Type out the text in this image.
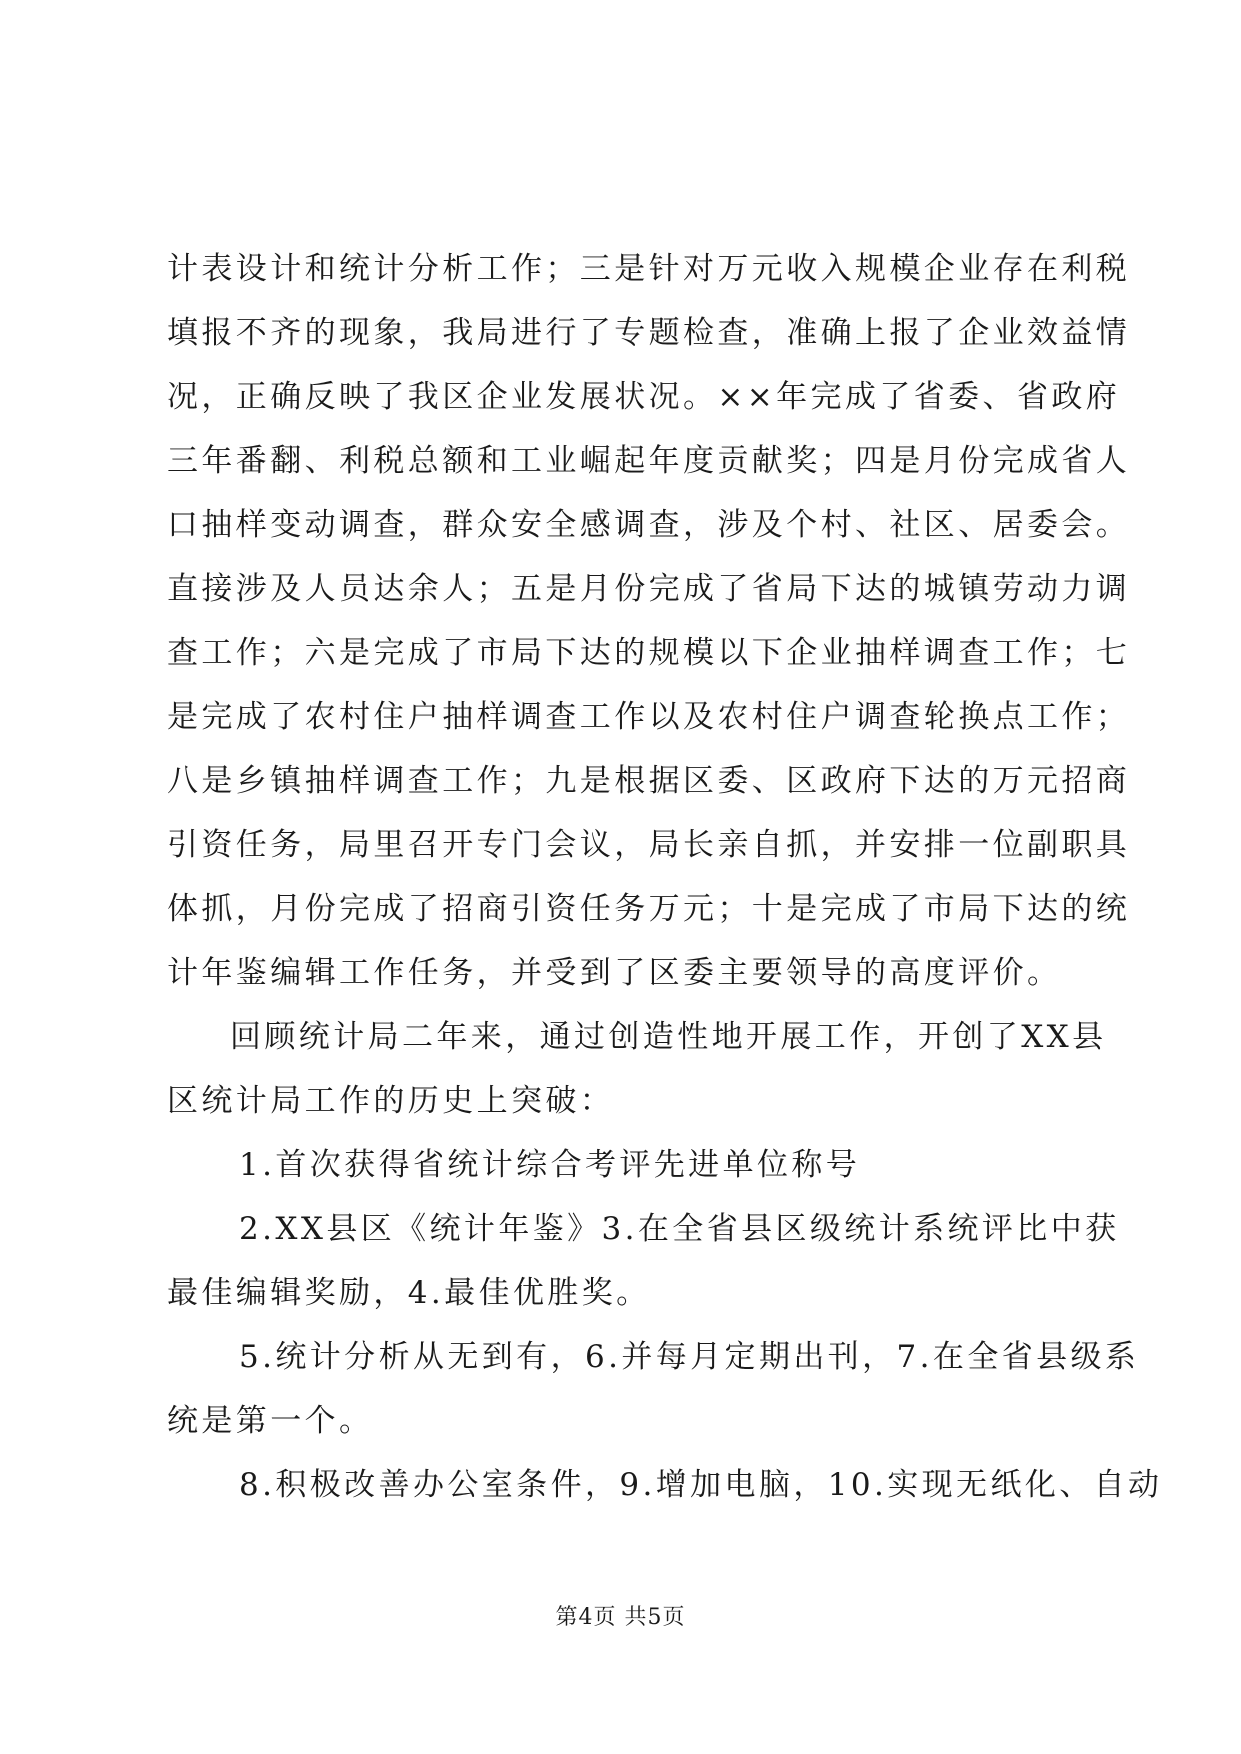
计表设计和统计分析工作；三是针对万元收入规模企业存在利税
填报不齐的现象，我局进行了专题检查，准确上报了企业效益情
况，正确反映了我区企业发展状况。××年完成了省委、省政府
三年番翻、利税总额和工业崛起年度贡献奖；四是月份完成省人
口抽样变动调查，群众安全感调查，涉及个村、社区、居委会。
直接涉及人员达余人；五是月份完成了省局下达的城镇劳动力调
查工作；六是完成了市局下达的规模以下企业抽样调查工作；七
是完成了农村住户抽样调查工作以及农村住户调查轮换点工作；
八是乡镇抽样调查工作；九是根据区委、区政府下达的万元招商
引资任务，局里召开专门会议，局长亲自抓，并安排一位副职具
体抓，月份完成了招商引资任务万元；十是完成了市局下达的统
计年鉴编辑工作任务，并受到了区委主要领导的高度评价。
回顾统计局二年来，通过创造性地开展工作，开创了XX县
区统计局工作的历史上突破：
1.首次获得省统计综合考评先进单位称号
2.XX县区《统计年鉴》3.在全省县区级统计系统评比中获
最佳编辑奖励，4.最佳优胜奖。
5.统计分析从无到有，6.并每月定期出刊，7.在全省县级系
统是第一个。
8.积极改善办公室条件，9.增加电脑，10.实现无纸化、自动
第4页 共5页
